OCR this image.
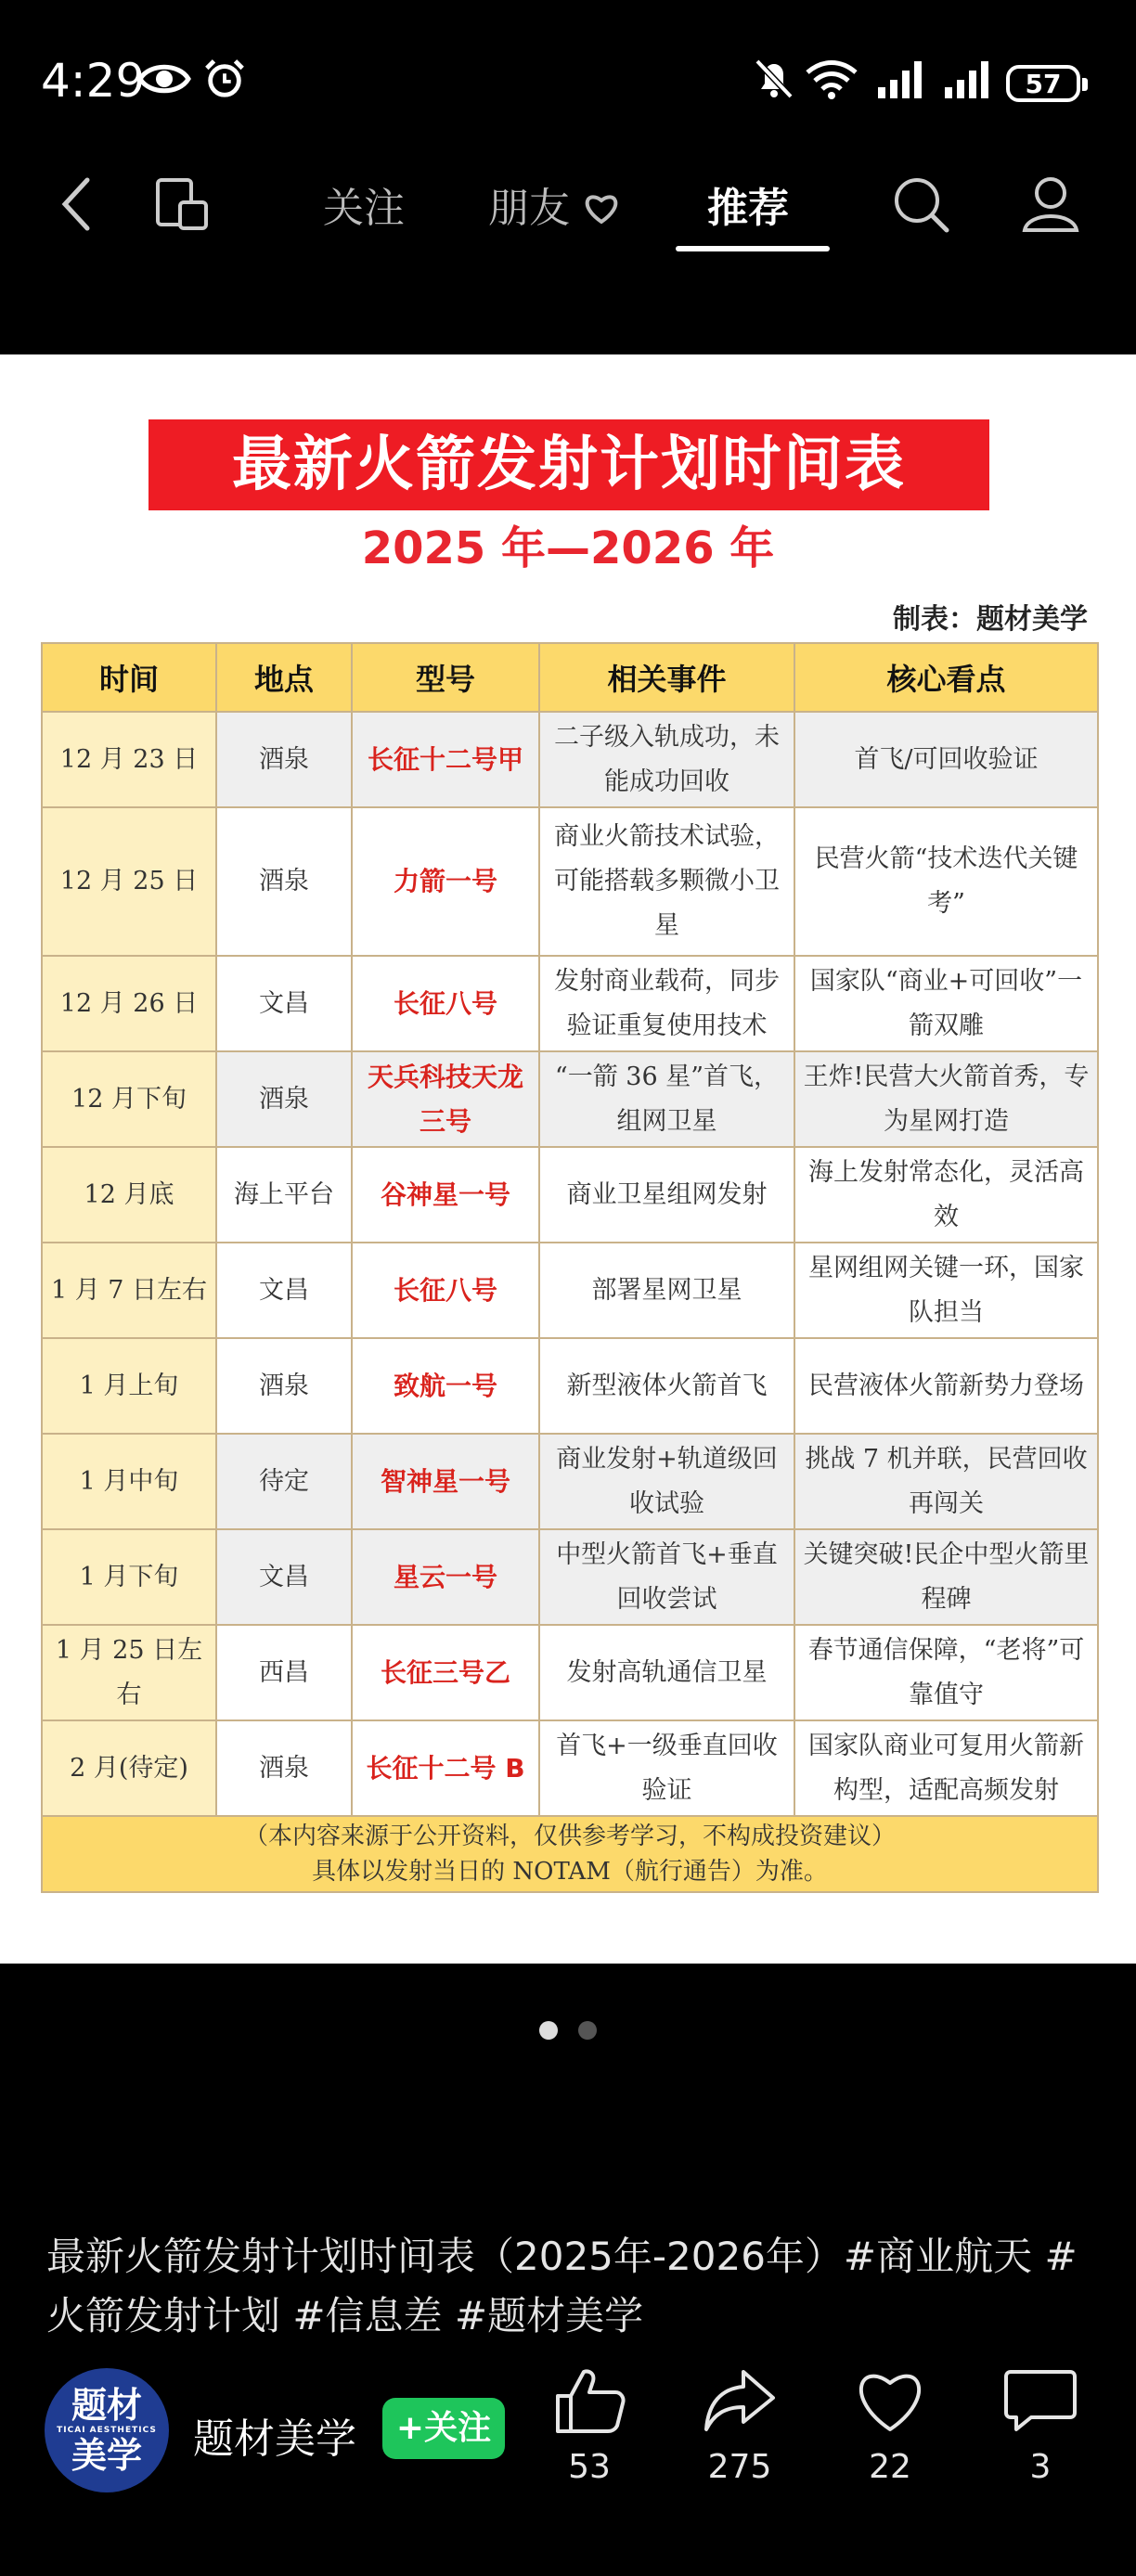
4:29	57
关注 朋友	推荐
最新火箭发射计划时间表
2025 年—2026 年
制表：题材美学
时间	地点	型号	相关事件	核心看点
12 月 23 日	酒泉	长征十二号甲	二子级入轨成功，未能成功回收	首飞/可回收验证
12 月 25 日	酒泉	力箭一号	商业火箭技术试验，可能搭载多颗微小卫星	民营火箭“技术迭代关键考”
12 月 26 日	文昌	长征八号	发射商业载荷，同步验证重复使用技术	国家队“商业+可回收”一箭双雕
12 月下旬	酒泉	天兵科技天龙三号	“一箭 36 星”首飞，组网卫星	王炸!民营大火箭首秀，专为星网打造
12 月底	海上平台	谷神星一号	商业卫星组网发射	海上发射常态化，灵活高效
1 月 7 日左右	文昌	长征八号	部署星网卫星	星网组网关键一环，国家队担当
1 月上旬	酒泉	致航一号	新型液体火箭首飞	民营液体火箭新势力登场
1 月中旬	待定	智神星一号	商业发射+轨道级回收试验	挑战 7 机并联，民营回收再闯关
1 月下旬	文昌	星云一号	中型火箭首飞+垂直回收尝试	关键突破!民企中型火箭里程碑
1 月 25 日左右	西昌	长征三号乙	发射高轨通信卫星	春节通信保障，“老将”可靠值守
2 月(待定)	酒泉	长征十二号 B	首飞+一级垂直回收验证	国家队商业可复用火箭新构型，适配高频发射

（本内容来源于公开资料，仅供参考学习，不构成投资建议）
具体以发射当日的 NOTAM（航行通告）为准。				

最新火箭发射计划时间表（2025年-2026年）#商业航天 #火箭发射计划 #信息差 #题材美学
题材
TICAI AESTHETICS
美学 题材美学	+关注
53	275	22	3
